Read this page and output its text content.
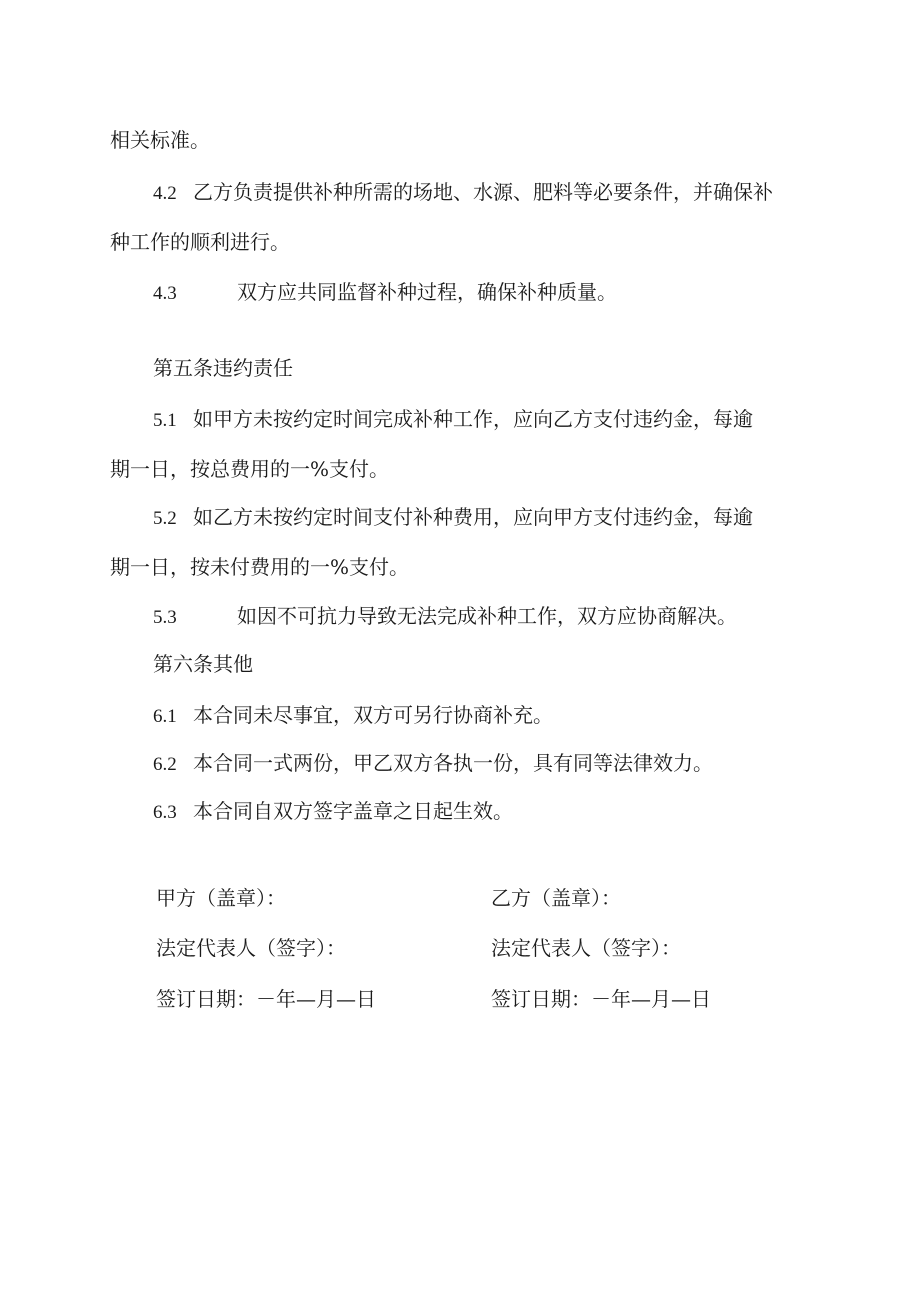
相关标准。
4.2 乙方负责提供补种所需的场地、水源、肥料等必要条件，并确保补
种工作的顺利进行。
4.3	双方应共同监督补种过程，确保补种质量。
第五条违约责任
5.1 如甲方未按约定时间完成补种工作，应向乙方支付违约金，每逾
期一日，按总费用的一%支付。
5.2 如乙方未按约定时间支付补种费用，应向甲方支付违约金，每逾
期一日，按未付费用的一%支付。
5.3	如因不可抗力导致无法完成补种工作，双方应协商解决。
第六条其他
6.1 本合同未尽事宜，双方可另行协商补充。
6.2 本合同一式两份，甲乙双方各执一份，具有同等法律效力。
6.3 本合同自双方签字盖章之日起生效。
甲方（盖章）：
法定代表人（签字）：
签订日期：－年—月—日
乙方（盖章）：
法定代表人（签字）：
签订日期：－年—月—日
